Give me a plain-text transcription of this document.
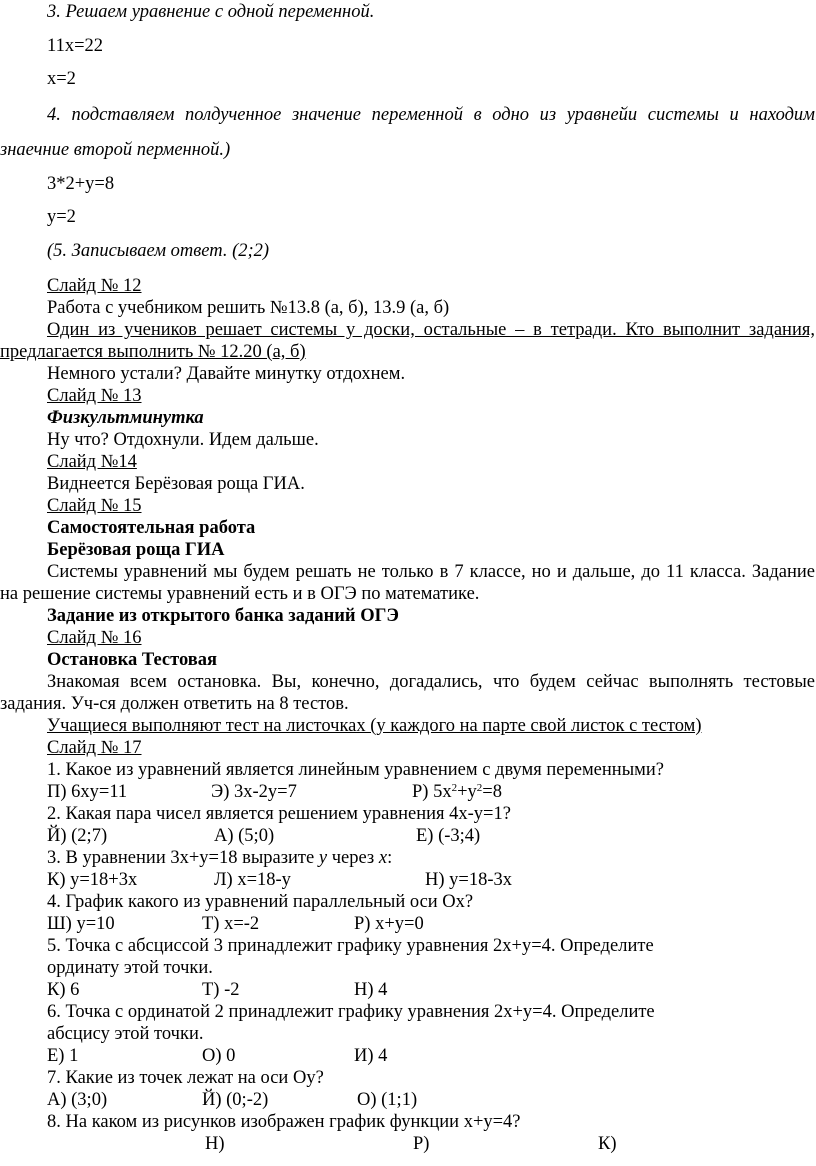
3. Решаем уравнение с одной переменной.
11x=22
x=2
4. подставляем полдученное значение переменной в одно из уравнейи системы и находим
знаечние второй перменной.)
3*2+y=8
y=2
(5. Записываем ответ. (2;2)
Слайд № 12
Работа с учебником решить №13.8 (а, б), 13.9 (а, б)
Один из учеников решает системы у доски, остальные – в тетради. Кто выполнит задания,
предлагается выполнить № 12.20 (а, б)
Немного устали? Давайте минутку отдохнем.
Слайд № 13
Физкультминутка
Ну что? Отдохнули. Идем дальше.
Слайд №14
Виднеется Берёзовая роща ГИА.
Слайд № 15
Самостоятельная работа
Берёзовая роща ГИА
Системы уравнений мы будем решать не только в 7 классе, но и дальше, до 11 класса. Задание
на решение системы уравнений есть и в ОГЭ по математике.
Задание из открытого банка заданий ОГЭ
Слайд № 16
Остановка Тестовая
Знакомая всем остановка. Вы, конечно, догадались, что будем сейчас выполнять тестовые
задания. Уч-ся должен ответить на 8 тестов.
Учащиеся выполняют тест на листочках (у каждого на парте свой листок с тестом)
Слайд № 17
1. Какое из уравнений является линейным уравнением с двумя переменными?
П) 6xy=11	Э) 3x-2y=7	Р) $5x^2+y^2=8$
2. Какая пара чисел является решением уравнения 4x-y=1?
Й) (2;7)	А) (5;0)	Е) (-3;4)
3. В уравнении 3x+y=18 выразите y через x:
К) y=18+3x	Л) x=18-y	Н) y=18-3x
4. График какого из уравнений параллельный оси Ох?
Ш) y=10	Т) x=-2	Р) x+y=0
5. Точка с абсциссой 3 принадлежит графику уравнения 2x+y=4. Определите
ординату этой точки.
К) 6	Т) -2	Н) 4
6. Точка с ординатой 2 принадлежит графику уравнения 2x+y=4. Определите
абсцису этой точки.
Е) 1	О) 0	И) 4
7. Какие из точек лежат на оси Оy?
А) (3;0)	Й) (0;-2)	О) (1;1)
8. На каком из рисунков изображен график функции x+y=4?
Н)	Р)	К)
